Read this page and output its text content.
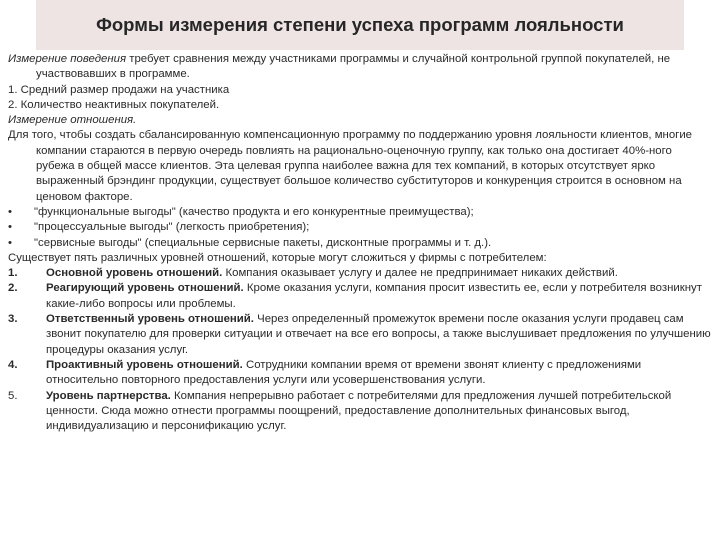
Формы измерения степени успеха программ лояльности

Измерение поведения требует сравнения между участниками программы и случайной контрольной группой покупателей, не участвовавших в программе.

1. Средний размер продажи на участника

2. Количество неактивных покупателей.

Измерение отношения.

Для того, чтобы создать сбалансированную компенсационную программу по поддержанию уровня лояльности клиентов, многие компании стараются в первую очередь повлиять на рационально-оценочную группу, как только она достигает 40%-ного рубежа в общей массе клиентов. Эта целевая группа наиболее важна для тех компаний, в которых отсутствует ярко выраженный брэндинг продукции, существует большое количество субституторов и конкуренция строится в основном на ценовом факторе.

•	"функциональные выгоды" (качество продукта и его конкурентные преимущества);
•	"процессуальные выгоды" (легкость приобретения);
•	"сервисные выгоды" (специальные сервисные пакеты, дисконтные программы и т. д.).

Существует пять различных уровней отношений, которые могут сложиться у фирмы с потребителем:

1.	Основной уровень отношений. Компания оказывает услугу и далее не предпринимает никаких действий.
2.	Реагирующий уровень отношений. Кроме оказания услуги, компания просит известить ее, если у потребителя возникнут какие-либо вопросы или проблемы.
3.	Ответственный уровень отношений. Через определенный промежуток времени после оказания услуги продавец сам звонит покупателю для проверки ситуации и отвечает на все его вопросы, а также выслушивает предложения по улучшению процедуры оказания услуг.
4.	Проактивный уровень отношений. Сотрудники компании время от времени звонят клиенту с предложениями относительно повторного предоставления услуги или усовершенствования услуги.
5.	Уровень партнерства. Компания непрерывно работает с потребителями для предложения лучшей потребительской ценности. Сюда можно отнести программы поощрений, предоставление дополнительных финансовых выгод, индивидуализацию и персонификацию услуг.
